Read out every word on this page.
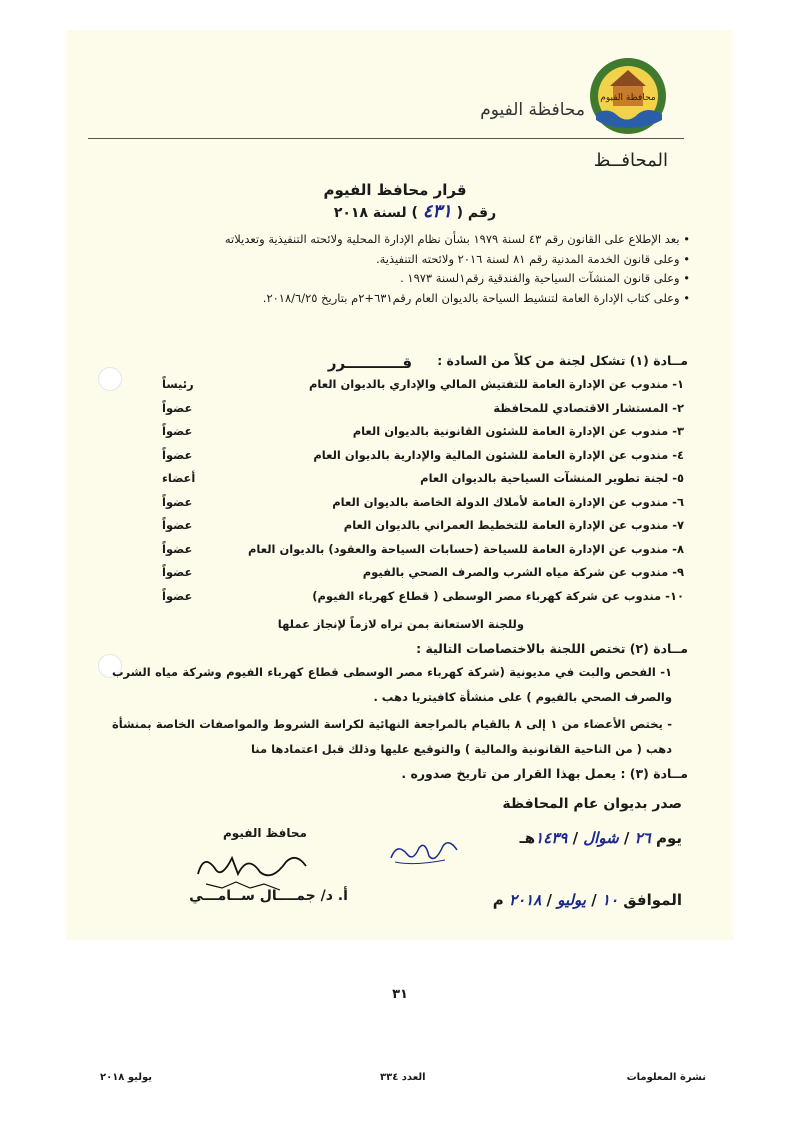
محافظة الفيوم
محافظة الفيوم
المحافــظ
قرار محافظ الفيوم
رقم ( ٤٣١ ) لسنة ٢٠١٨
• بعد الإطلاع على القانون رقم ٤٣ لسنة ١٩٧٩ بشأن نظام الإدارة المحلية ولائحته التنفيذية وتعديلاته
• وعلى قانون الخدمة المدنية رقم ٨١ لسنة ٢٠١٦ ولائحته التنفيذية.
• وعلى قانون المنشآت السياحية والفندقية رقم١لسنة ١٩٧٣ .
• وعلى كتاب الإدارة العامة لتنشيط السياحة بالديوان العام رقم٦٣١+٢م بتاريخ ٢٠١٨/٦/٢٥.
قـــــــــــرر	مــادة (١) تشكل لجنة من كلاً من السادة :
١- مندوب عن الإدارة العامة للتفتيش المالي والإداري بالديوان العام
رئيساً
٢- المستشار الاقتصادي للمحافظة
عضواً
٣- مندوب عن الإدارة العامة للشئون القانونية بالديوان العام
عضواً
٤- مندوب عن الإدارة العامة للشئون المالية والإدارية بالديوان العام
عضواً
٥- لجنة تطوير المنشآت السياحية بالديوان العام
أعضاء
٦- مندوب عن الإدارة العامة لأملاك الدولة الخاصة بالديوان العام
عضواً
٧- مندوب عن الإدارة العامة للتخطيط العمراني بالديوان العام
عضواً
٨- مندوب عن الإدارة العامة للسياحة (حسابات السياحة والعقود) بالديوان العام
عضواً
٩- مندوب عن شركة مياه الشرب والصرف الصحي بالفيوم
عضواً
١٠- مندوب عن شركة كهرباء مصر الوسطى ( قطاع كهرباء الفيوم)
عضواً
وللجنة الاستعانة بمن تراه لازماً لإنجاز عملها
مــادة (٢) تختص اللجنة بالاختصاصات التالية :
١- الفحص والبت في مديونية (شركة كهرباء مصر الوسطى قطاع كهرباء الفيوم وشركة مياه الشرب والصرف الصحي بالفيوم ) على منشأة كافيتريا دهب .
- يختص الأعضاء من ١ إلى ٨ بالقيام بالمراجعة النهائية لكراسة الشروط والمواصفات الخاصة بمنشأة دهب ( من الناحية القانونية والمالية ) والتوقيع عليها وذلك قبل اعتمادها منا
مــادة (٣) : يعمل بهذا القرار من تاريخ صدوره .
صدر بديوان عام المحافظة
يوم ٢٦ / شوال / ١٤٣٩هـ
الموافق ١٠ / يوليو / ٢٠١٨ م
محافظ الفيوم
أ. د/ جمــــال ســامـــي
٣١
نشرة المعلومات
العدد ٣٣٤
يوليو ٢٠١٨
